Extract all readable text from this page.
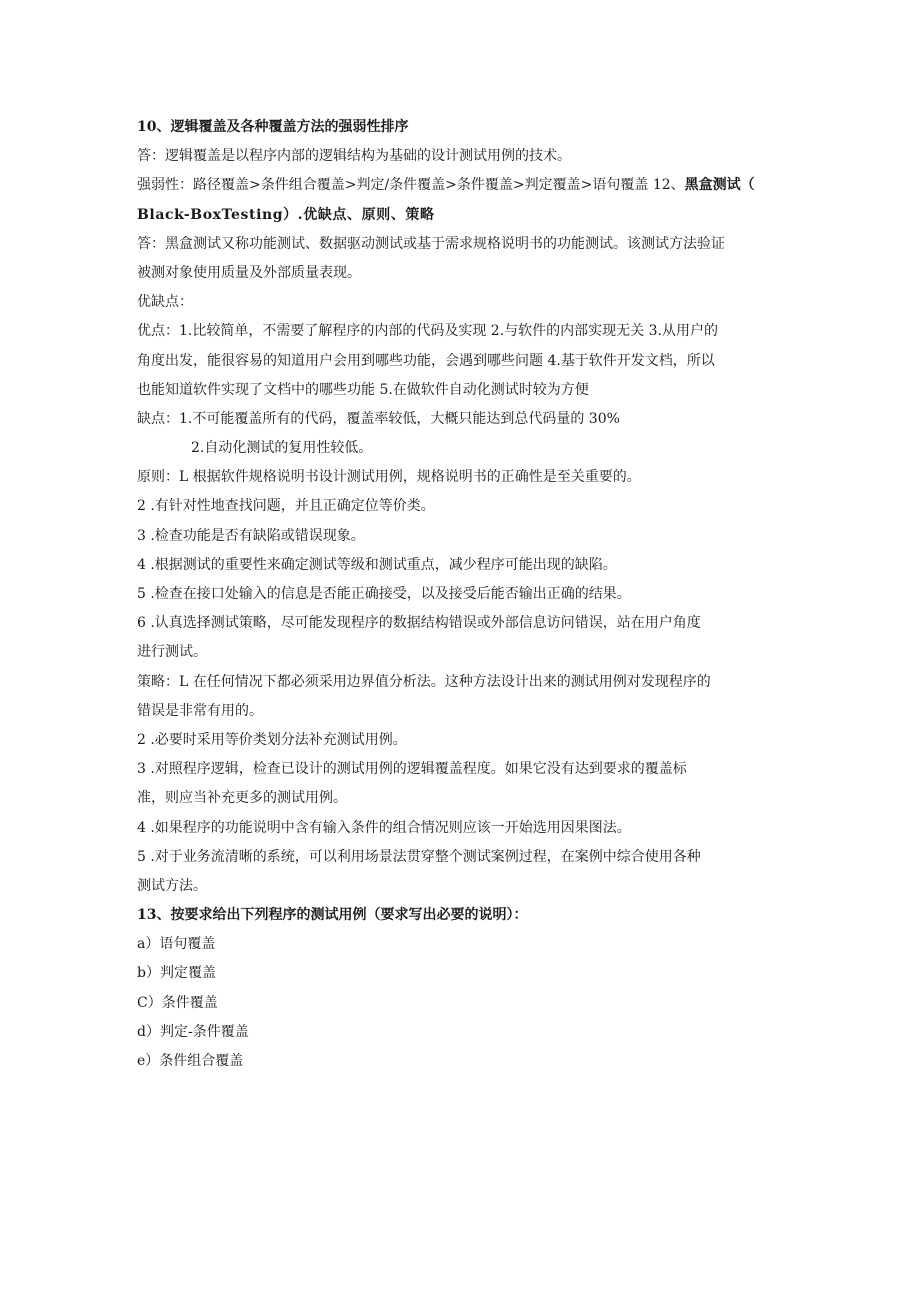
10、逻辑覆盖及各种覆盖方法的强弱性排序
答：逻辑覆盖是以程序内部的逻辑结构为基础的设计测试用例的技术。
强弱性：路径覆盖>条件组合覆盖>判定/条件覆盖>条件覆盖>判定覆盖>语句覆盖 12、黑盒测试（
Black-BoxTesting）.优缺点、原则、策略
答：黑盒测试又称功能测试、数据驱动测试或基于需求规格说明书的功能测试。该测试方法验证
被测对象使用质量及外部质量表现。
优缺点：
优点：1.比较简单，不需要了解程序的内部的代码及实现 2.与软件的内部实现无关 3.从用户的
角度出发，能很容易的知道用户会用到哪些功能，会遇到哪些问题 4.基于软件开发文档，所以
也能知道软件实现了文档中的哪些功能 5.在做软件自动化测试时较为方便
缺点：1.不可能覆盖所有的代码，覆盖率较低，大概只能达到总代码量的 30%
2.自动化测试的复用性较低。
原则：L 根据软件规格说明书设计测试用例，规格说明书的正确性是至关重要的。
2 .有针对性地查找问题，并且正确定位等价类。
3 .检查功能是否有缺陷或错误现象。
4 .根据测试的重要性来确定测试等级和测试重点，减少程序可能出现的缺陷。
5 .检查在接口处输入的信息是否能正确接受，以及接受后能否输出正确的结果。
6 .认真选择测试策略，尽可能发现程序的数据结构错误或外部信息访问错误，站在用户角度
进行测试。
策略：L 在任何情况下都必须采用边界值分析法。这种方法设计出来的测试用例对发现程序的
错误是非常有用的。
2 .必要时采用等价类划分法补充测试用例。
3 .对照程序逻辑，检查已设计的测试用例的逻辑覆盖程度。如果它没有达到要求的覆盖标
准，则应当补充更多的测试用例。
4 .如果程序的功能说明中含有输入条件的组合情况则应该一开始选用因果图法。
5 .对于业务流清晰的系统，可以利用场景法贯穿整个测试案例过程，在案例中综合使用各种
测试方法。
13、按要求给出下列程序的测试用例（要求写出必要的说明）：
a）语句覆盖
b）判定覆盖
C）条件覆盖
d）判定-条件覆盖
e）条件组合覆盖
